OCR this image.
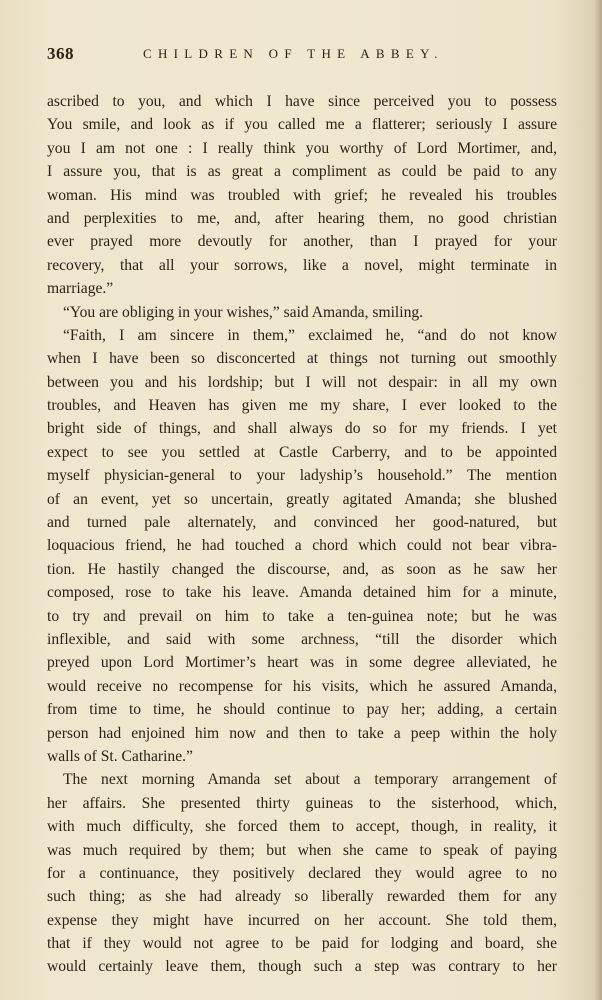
368	CHILDREN OF THE ABBEY.
ascribed to you, and which I have since perceived you to possess
You smile, and look as if you called me a flatterer; seriously I assure
you I am not one : I really think you worthy of Lord Mortimer, and,
I assure you, that is as great a compliment as could be paid to any
woman. His mind was troubled with grief; he revealed his troubles
and perplexities to me, and, after hearing them, no good christian
ever prayed more devoutly for another, than I prayed for your
recovery, that all your sorrows, like a novel, might terminate in
marriage.”
“You are obliging in your wishes,” said Amanda, smiling.
“Faith, I am sincere in them,” exclaimed he, “and do not know
when I have been so disconcerted at things not turning out smoothly
between you and his lordship; but I will not despair: in all my own
troubles, and Heaven has given me my share, I ever looked to the
bright side of things, and shall always do so for my friends. I yet
expect to see you settled at Castle Carberry, and to be appointed
myself physician-general to your ladyship’s household.” The mention
of an event, yet so uncertain, greatly agitated Amanda; she blushed
and turned pale alternately, and convinced her good-natured, but
loquacious friend, he had touched a chord which could not bear vibra-
tion. He hastily changed the discourse, and, as soon as he saw her
composed, rose to take his leave. Amanda detained him for a minute,
to try and prevail on him to take a ten-guinea note; but he was
inflexible, and said with some archness, “till the disorder which
preyed upon Lord Mortimer’s heart was in some degree alleviated, he
would receive no recompense for his visits, which he assured Amanda,
from time to time, he should continue to pay her; adding, a certain
person had enjoined him now and then to take a peep within the holy
walls of St. Catharine.”
The next morning Amanda set about a temporary arrangement of
her affairs. She presented thirty guineas to the sisterhood, which,
with much difficulty, she forced them to accept, though, in reality, it
was much required by them; but when she came to speak of paying
for a continuance, they positively declared they would agree to no
such thing; as she had already so liberally rewarded them for any
expense they might have incurred on her account. She told them,
that if they would not agree to be paid for lodging and board, she
would certainly leave them, though such a step was contrary to her
